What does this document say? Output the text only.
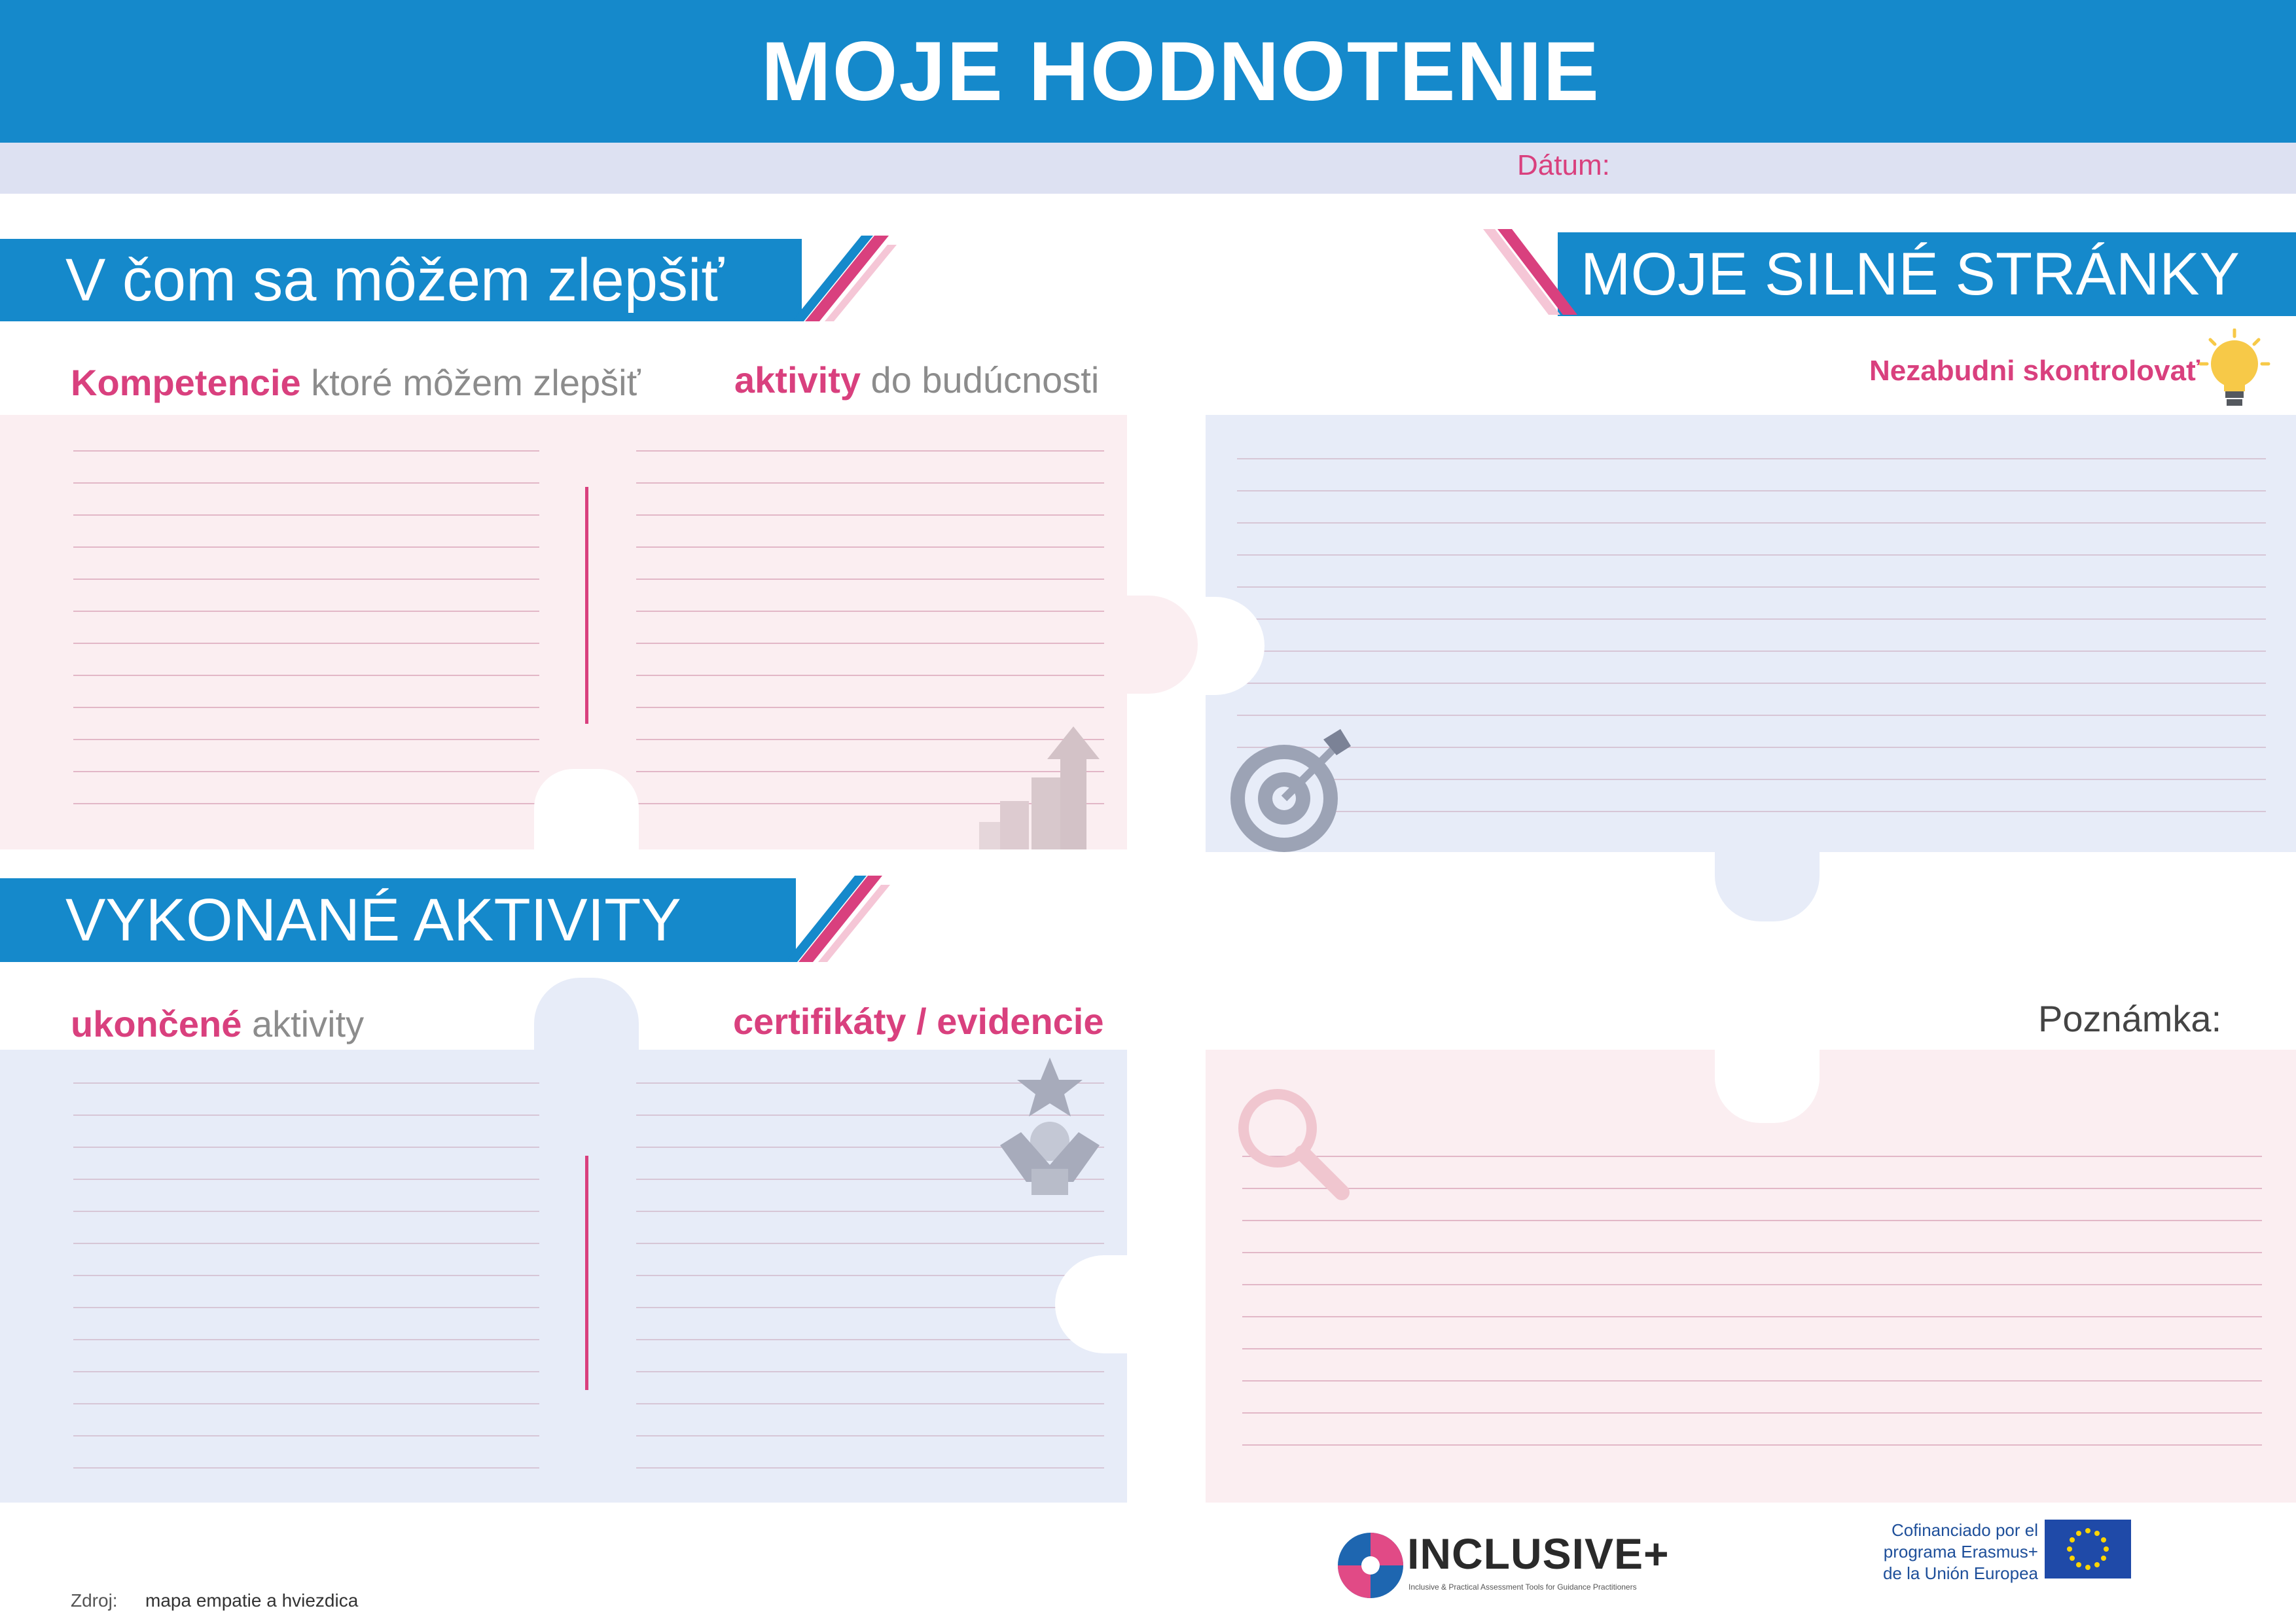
MOJE HODNOTENIE
Dátum:
V čom sa môžem zlepšiť
Kompetencie ktoré môžem zlepšiť	aktivity do budúcnosti
MOJE SILNÉ STRÁNKY
Nezabudni skontrolovať
VYKONANÉ AKTIVITY
ukončené aktivity	certifikáty / evidencie	Poznámka:
Zdroj: mapa empatie a hviezdica
INCLUSIVE+
Inclusive & Practical Assessment Tools for Guidance Practitioners
Cofinanciado por el
programa Erasmus+
de la Unión Europea
